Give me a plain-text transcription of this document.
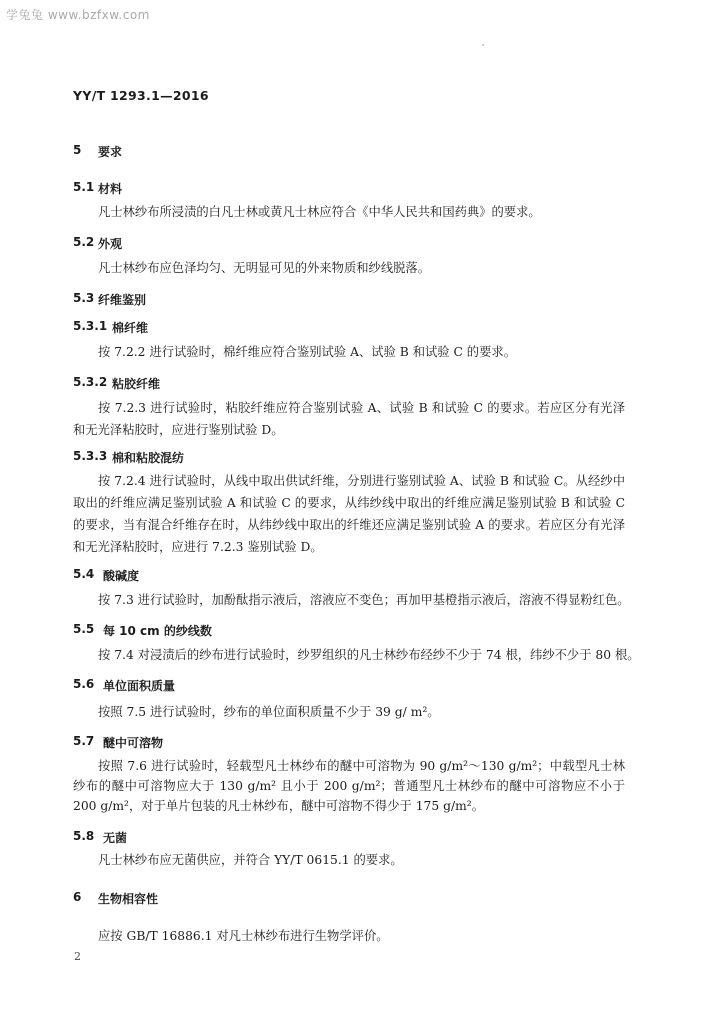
学兔兔 www.bzfxw.com
YY/T 1293.1—2016
5 要求
5.1 材料

凡士林纱布所浸渍的白凡士林或黄凡士林应符合《中华人民共和国药典》的要求。

5.2 外观

凡士林纱布应色泽均匀、无明显可见的外来物质和纱线脱落。

5.3 纤维鉴别
5.3.1 棉纤维

按 7.2.2 进行试验时，棉纤维应符合鉴别试验 A、试验 B 和试验 C 的要求。

5.3.2 粘胶纤维

按 7.2.3 进行试验时，粘胶纤维应符合鉴别试验 A、试验 B 和试验 C 的要求。若应区分有光泽和无光泽粘胶时，应进行鉴别试验 D。

5.3.3 棉和粘胶混纺

按 7.2.4 进行试验时，从线中取出供试纤维，分别进行鉴别试验 A、试验 B 和试验 C。从经纱中取出的纤维应满足鉴别试验 A 和试验 C 的要求，从纬纱线中取出的纤维应满足鉴别试验 B 和试验 C 的要求，当有混合纤维存在时，从纬纱线中取出的纤维还应满足鉴别试验 A 的要求。若应区分有光泽和无光泽粘胶时，应进行 7.2.3 鉴别试验 D。

5.4 酸碱度

按 7.3 进行试验时，加酚酞指示液后，溶液应不变色；再加甲基橙指示液后，溶液不得显粉红色。

5.5 每 10 cm 的纱线数

按 7.4 对浸渍后的纱布进行试验时，纱罗组织的凡士林纱布经纱不少于 74 根，纬纱不少于 80 根。

5.6 单位面积质量

按照 7.5 进行试验时，纱布的单位面积质量不少于 39 g/ m²。

5.7 醚中可溶物

按照 7.6 进行试验时，轻载型凡士林纱布的醚中可溶物为 90 g/m²～130 g/m²；中载型凡士林纱布的醚中可溶物应大于 130 g/m² 且小于 200 g/m²；普通型凡士林纱布的醚中可溶物应不小于 200 g/m²，对于单片包装的凡士林纱布，醚中可溶物不得少于 175 g/m²。

5.8 无菌

凡士林纱布应无菌供应，并符合 YY/T 0615.1 的要求。

6 生物相容性

应按 GB/T 16886.1 对凡士林纱布进行生物学评价。

2
